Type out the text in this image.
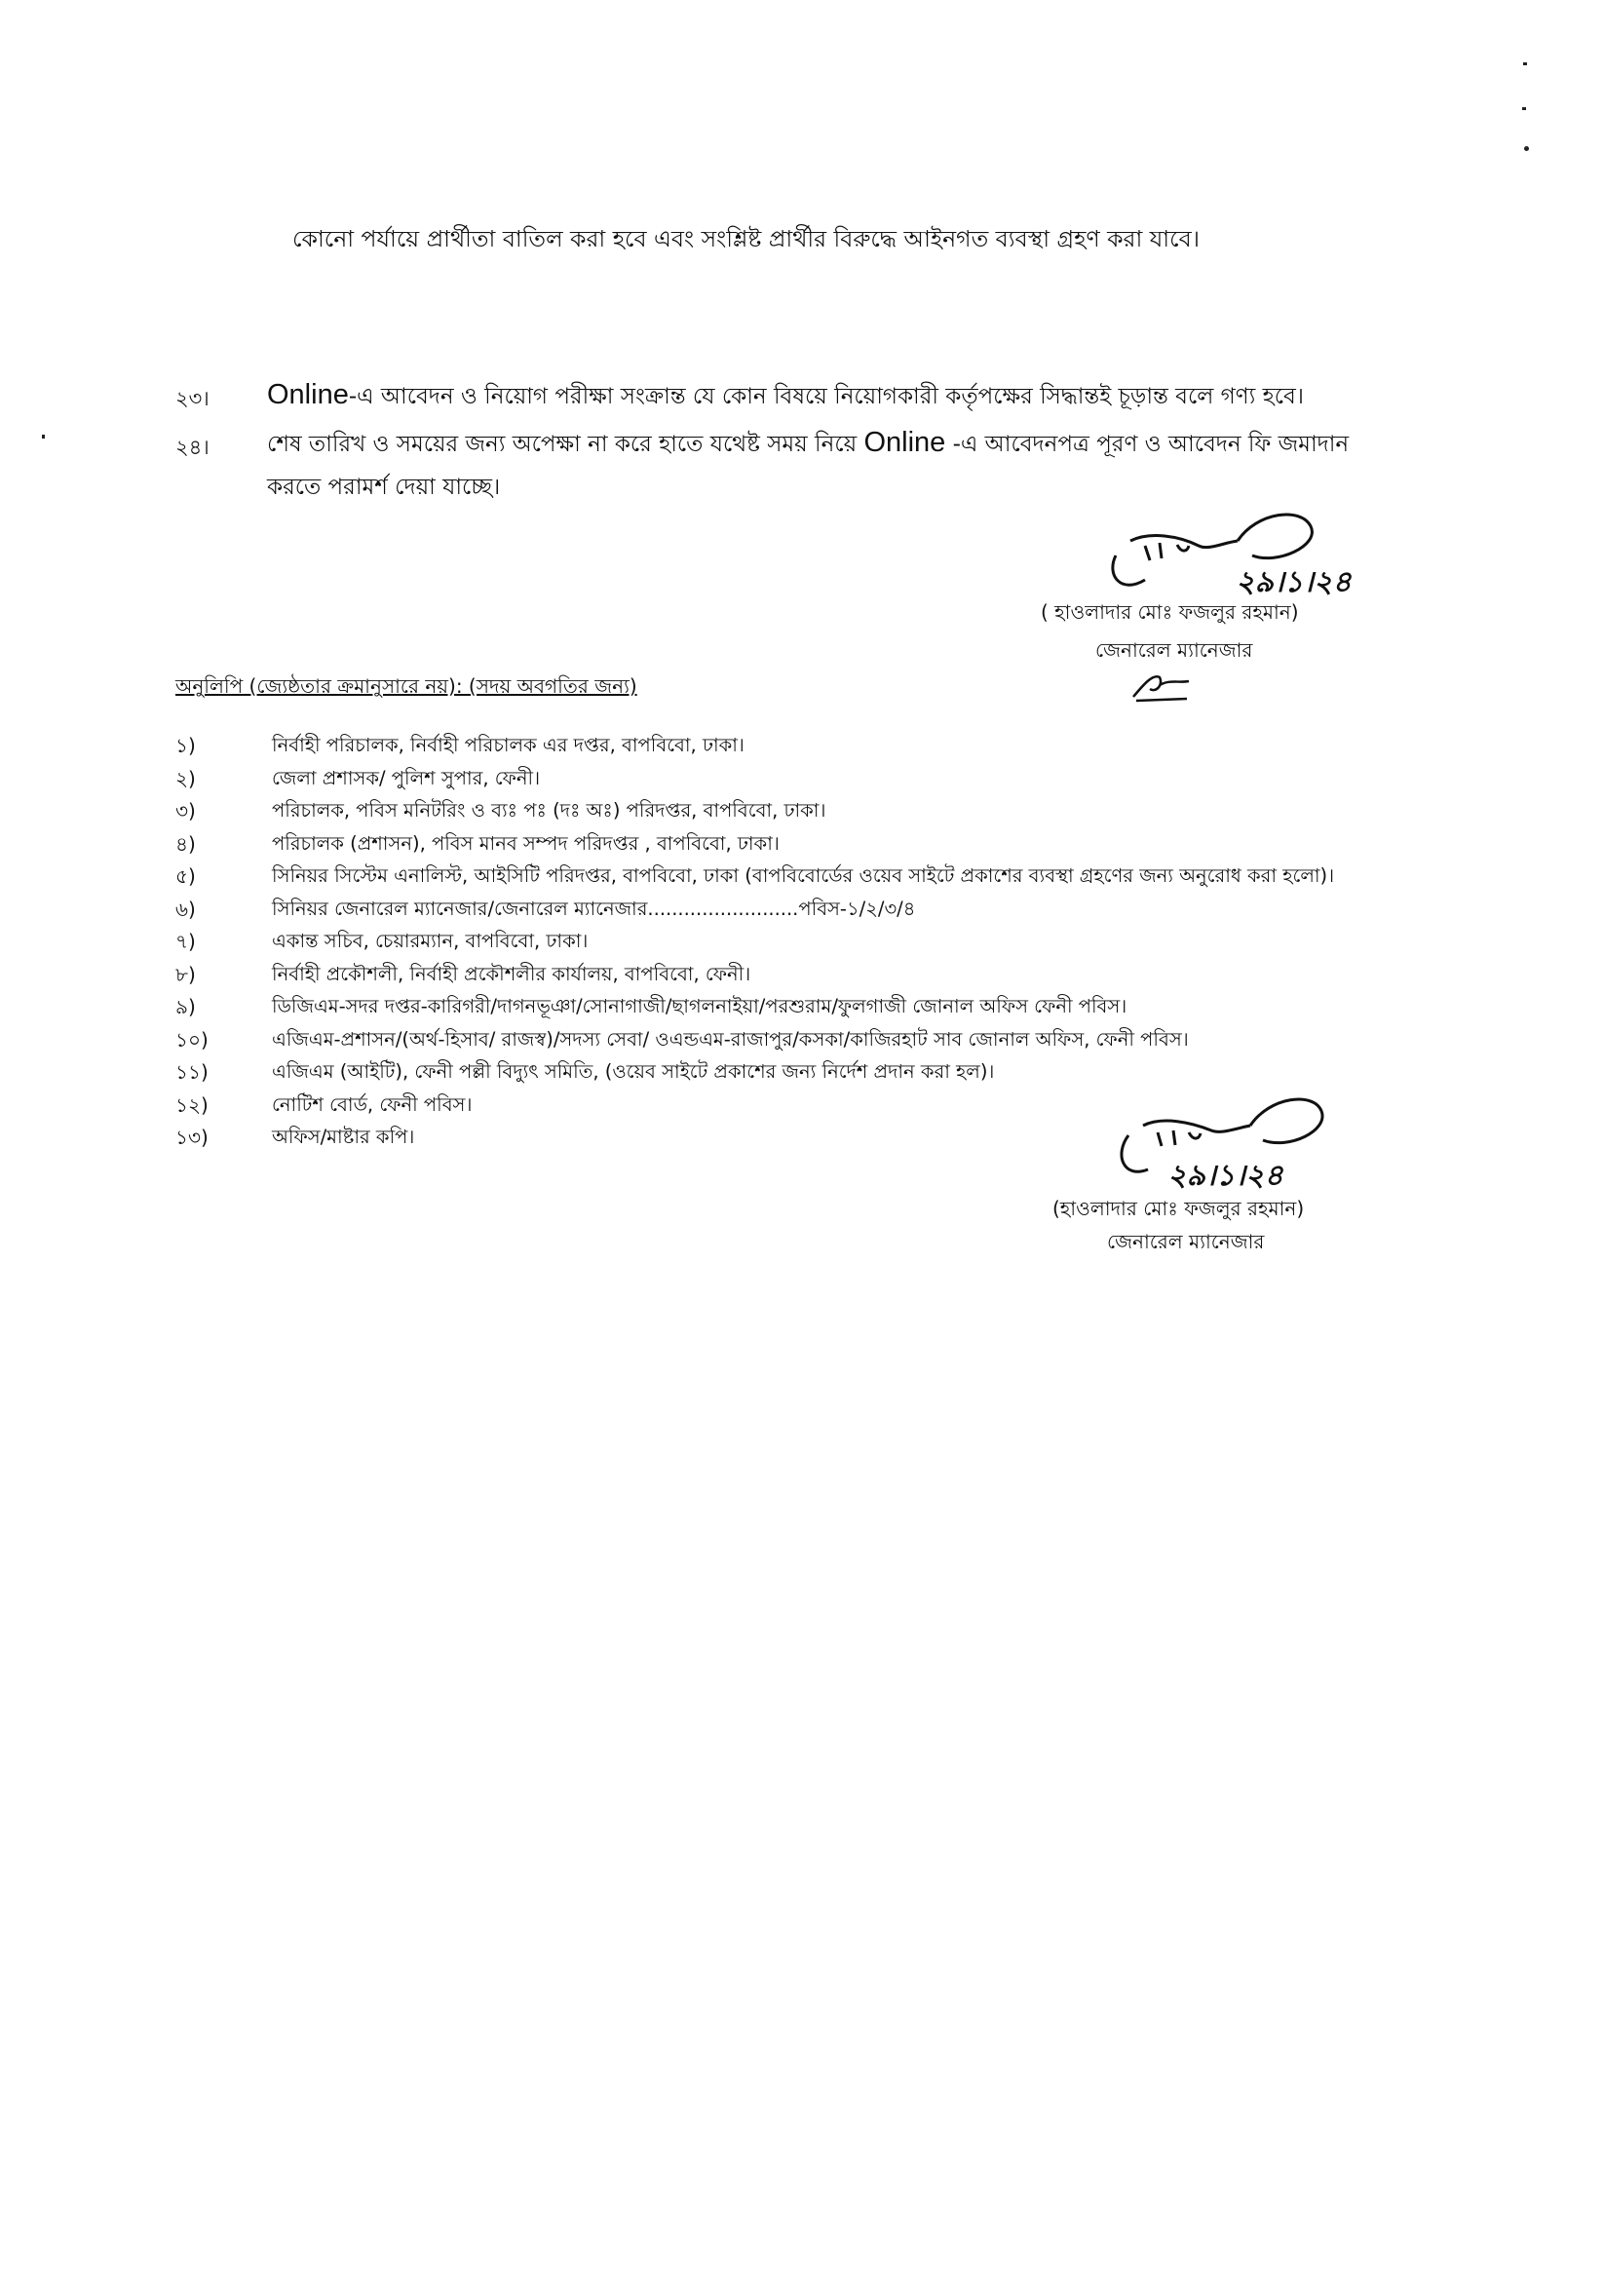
কোনো পর্যায়ে প্রার্থীতা বাতিল করা হবে এবং সংশ্লিষ্ট প্রার্থীর বিরুদ্ধে আইনগত ব্যবস্থা গ্রহণ করা যাবে।
২৩। Online-এ আবেদন ও নিয়োগ পরীক্ষা সংক্রান্ত যে কোন বিষয়ে নিয়োগকারী কর্তৃপক্ষের সিদ্ধান্তই চূড়ান্ত বলে গণ্য হবে।
২৪।	শেষ তারিখ ও সময়ের জন্য অপেক্ষা না করে হাতে যথেষ্ট সময় নিয়ে Online -এ আবেদনপত্র পূরণ ও আবেদন ফি জমাদান
করতে পরামর্শ দেয়া যাচ্ছে।
২৯।১।২৪
( হাওলাদার মোঃ ফজলুর রহমান)
জেনারেল ম্যানেজার
অনুলিপি (জ্যেষ্ঠতার ক্রমানুসারে নয়): (সদয় অবগতির জন্য)
১)	নির্বাহী পরিচালক, নির্বাহী পরিচালক এর দপ্তর, বাপবিবো, ঢাকা।
২)	জেলা প্রশাসক/ পুলিশ সুপার, ফেনী।
৩)	পরিচালক, পবিস মনিটরিং ও ব্যঃ পঃ (দঃ অঃ) পরিদপ্তর, বাপবিবো, ঢাকা।
৪)	পরিচালক (প্রশাসন), পবিস মানব সম্পদ পরিদপ্তর , বাপবিবো, ঢাকা।
৫)	সিনিয়র সিস্টেম এনালিস্ট, আইসিটি পরিদপ্তর, বাপবিবো, ঢাকা (বাপবিবোর্ডের ওয়েব সাইটে প্রকাশের ব্যবস্থা গ্রহণের জন্য অনুরোধ করা হলো)।
৬)	সিনিয়র জেনারেল ম্যানেজার/জেনারেল ম্যানেজার.........................পবিস-১/২/৩/৪
৭)	একান্ত সচিব, চেয়ারম্যান, বাপবিবো, ঢাকা।
৮)	নির্বাহী প্রকৌশলী, নির্বাহী প্রকৌশলীর কার্যালয়, বাপবিবো, ফেনী।
৯)	ডিজিএম-সদর দপ্তর-কারিগরী/দাগনভূঞা/সোনাগাজী/ছাগলনাইয়া/পরশুরাম/ফুলগাজী জোনাল অফিস ফেনী পবিস।
১০)	এজিএম-প্রশাসন/(অর্থ-হিসাব/ রাজস্ব)/সদস্য সেবা/ ওএন্ডএম-রাজাপুর/কসকা/কাজিরহাট সাব জোনাল অফিস, ফেনী পবিস।
১১)	এজিএম (আইটি), ফেনী পল্লী বিদ্যুৎ সমিতি, (ওয়েব সাইটে প্রকাশের জন্য নির্দেশ প্রদান করা হল)।
১২)	নোটিশ বোর্ড, ফেনী পবিস।
১৩)	অফিস/মাষ্টার কপি।
২৯।১।২৪
(হাওলাদার মোঃ ফজলুর রহমান)
জেনারেল ম্যানেজার
